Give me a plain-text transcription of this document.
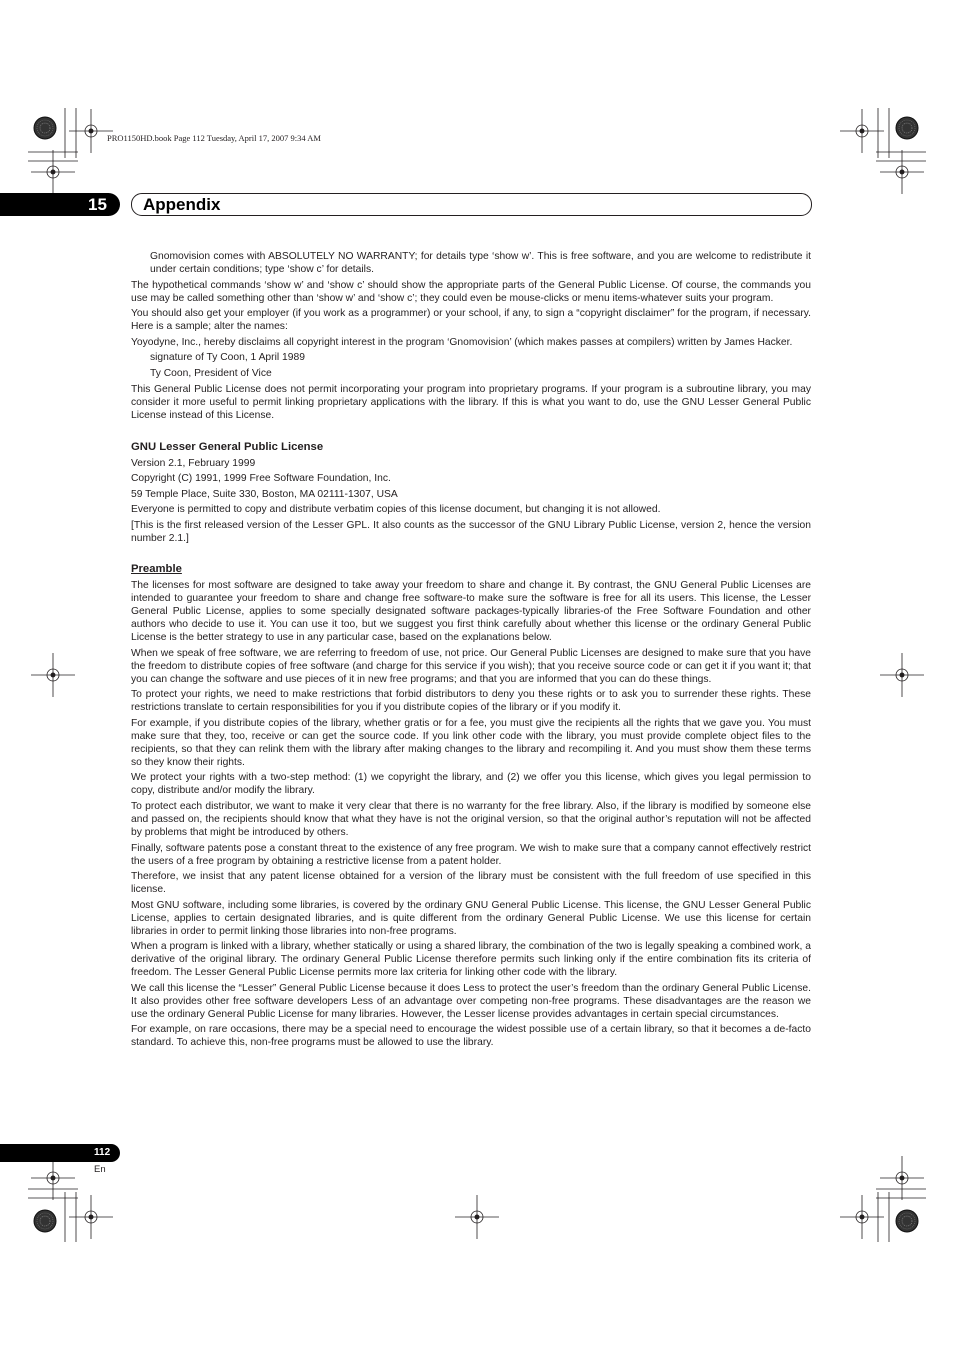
PRO1150HD.book Page 112 Tuesday, April 17, 2007 9:34 AM
15 Appendix

Gnomovision comes with ABSOLUTELY NO WARRANTY; for details type ‘show w’. This is free software, and you are welcome to redistribute it under certain conditions; type ‘show c’ for details.

The hypothetical commands ‘show w’ and ‘show c’ should show the appropriate parts of the General Public License. Of course, the commands you use may be called something other than ‘show w’ and ‘show c’; they could even be mouse-clicks or menu items-whatever suits your program.

You should also get your employer (if you work as a programmer) or your school, if any, to sign a “copyright disclaimer” for the program, if necessary. Here is a sample; alter the names:

Yoyodyne, Inc., hereby disclaims all copyright interest in the program ‘Gnomovision’ (which makes passes at compilers) written by James Hacker.

signature of Ty Coon, 1 April 1989

Ty Coon, President of Vice

This General Public License does not permit incorporating your program into proprietary programs. If your program is a subroutine library, you may consider it more useful to permit linking proprietary applications with the library. If this is what you want to do, use the GNU Lesser General Public License instead of this License.

GNU Lesser General Public License

Version 2.1, February 1999

Copyright (C) 1991, 1999 Free Software Foundation, Inc.

59 Temple Place, Suite 330, Boston, MA 02111-1307, USA

Everyone is permitted to copy and distribute verbatim copies of this license document, but changing it is not allowed.

[This is the first released version of the Lesser GPL. It also counts as the successor of the GNU Library Public License, version 2, hence the version number 2.1.]

Preamble

The licenses for most software are designed to take away your freedom to share and change it. By contrast, the GNU General Public Licenses are intended to guarantee your freedom to share and change free software-to make sure the software is free for all its users. This license, the Lesser General Public License, applies to some specially designated software packages-typically libraries-of the Free Software Foundation and other authors who decide to use it. You can use it too, but we suggest you first think carefully about whether this license or the ordinary General Public License is the better strategy to use in any particular case, based on the explanations below.

When we speak of free software, we are referring to freedom of use, not price. Our General Public Licenses are designed to make sure that you have the freedom to distribute copies of free software (and charge for this service if you wish); that you receive source code or can get it if you want it; that you can change the software and use pieces of it in new free programs; and that you are informed that you can do these things.

To protect your rights, we need to make restrictions that forbid distributors to deny you these rights or to ask you to surrender these rights. These restrictions translate to certain responsibilities for you if you distribute copies of the library or if you modify it.

For example, if you distribute copies of the library, whether gratis or for a fee, you must give the recipients all the rights that we gave you. You must make sure that they, too, receive or can get the source code. If you link other code with the library, you must provide complete object files to the recipients, so that they can relink them with the library after making changes to the library and recompiling it. And you must show them these terms so they know their rights.

We protect your rights with a two-step method: (1) we copyright the library, and (2) we offer you this license, which gives you legal permission to copy, distribute and/or modify the library.

To protect each distributor, we want to make it very clear that there is no warranty for the free library. Also, if the library is modified by someone else and passed on, the recipients should know that what they have is not the original version, so that the original author’s reputation will not be affected by problems that might be introduced by others.

Finally, software patents pose a constant threat to the existence of any free program. We wish to make sure that a company cannot effectively restrict the users of a free program by obtaining a restrictive license from a patent holder.

Therefore, we insist that any patent license obtained for a version of the library must be consistent with the full freedom of use specified in this license.

Most GNU software, including some libraries, is covered by the ordinary GNU General Public License. This license, the GNU Lesser General Public License, applies to certain designated libraries, and is quite different from the ordinary General Public License. We use this license for certain libraries in order to permit linking those libraries into non-free programs.

When a program is linked with a library, whether statically or using a shared library, the combination of the two is legally speaking a combined work, a derivative of the original library. The ordinary General Public License therefore permits such linking only if the entire combination fits its criteria of freedom. The Lesser General Public License permits more lax criteria for linking other code with the library.

We call this license the “Lesser” General Public License because it does Less to protect the user’s freedom than the ordinary General Public License. It also provides other free software developers Less of an advantage over competing non-free programs. These disadvantages are the reason we use the ordinary General Public License for many libraries. However, the Lesser license provides advantages in certain special circumstances.

For example, on rare occasions, there may be a special need to encourage the widest possible use of a certain library, so that it becomes a de-facto standard. To achieve this, non-free programs must be allowed to use the library.

112
En
